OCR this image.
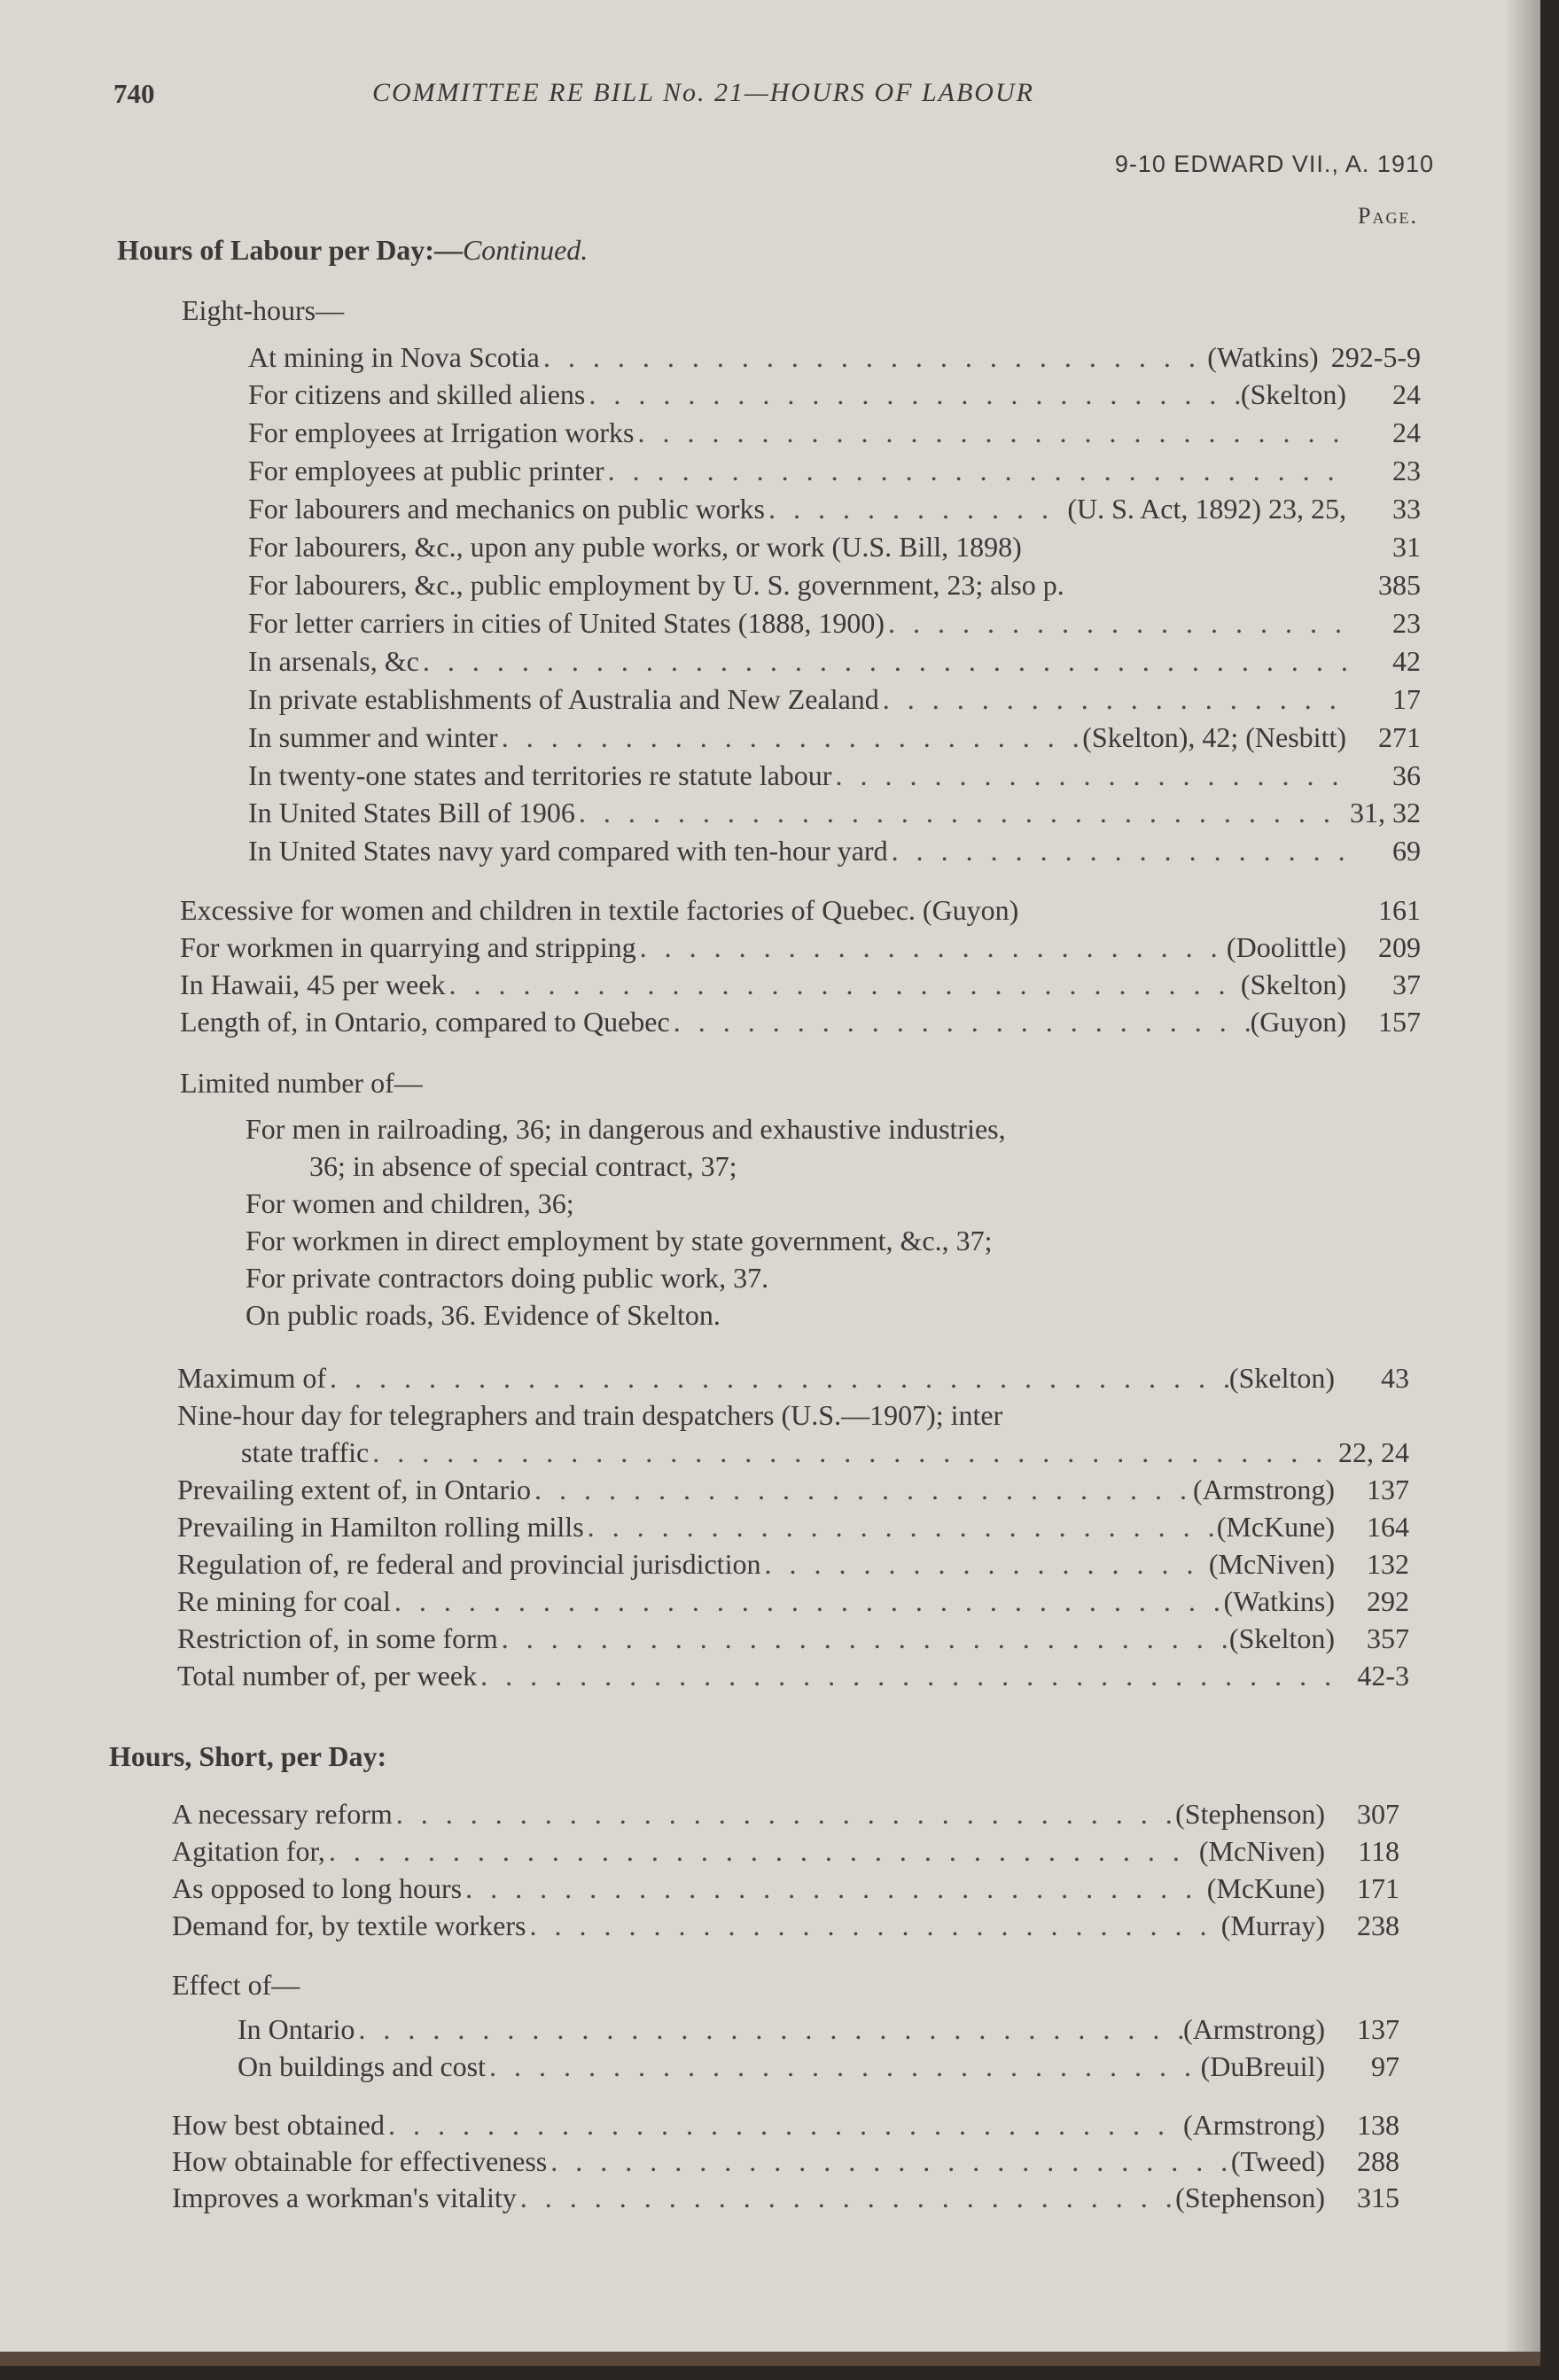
740	COMMITTEE RE BILL No. 21—HOURS OF LABOUR
9-10 EDWARD VII., A. 1910
Page.
Hours of Labour per Day:—Continued.
Eight-hours—
At mining in Nova Scotia . . .	(Watkins) 292-5-9
For citizens and skilled aliens . . .	(Skelton)	24
For employees at Irrigation works . . .	24
For employees at public printer . . .	23
For labourers and mechanics on public works . . .	(U. S. Act, 1892) 23, 25,	33
For labourers, &c., upon any puble works, or work (U.S. Bill, 1898)	31
For labourers, &c., public employment by U. S. government, 23; also p.	385
For letter carriers in cities of United States (1888, 1900) . . .	23
In arsenals, &c . . .	42
In private establishments of Australia and New Zealand . . .	17
In summer and winter . . .	(Skelton), 42; (Nesbitt)	271
In twenty-one states and territories re statute labour . . .	36
In United States Bill of 1906 . . .	31, 32
In United States navy yard compared with ten-hour yard . . .	69
Excessive for women and children in textile factories of Quebec. (Guyon)	161
For workmen in quarrying and stripping . . .	(Doolittle)	209
In Hawaii, 45 per week . . .	(Skelton)	37
Length of, in Ontario, compared to Quebec . . .	(Guyon)	157
Limited number of—
For men in railroading, 36; in dangerous and exhaustive industries,
36; in absence of special contract, 37;
For women and children, 36;
For workmen in direct employment by state government, &c., 37;
For private contractors doing public work, 37.
On public roads, 36. Evidence of Skelton.
Maximum of . . .	(Skelton)	43
Nine-hour day for telegraphers and train despatchers (U.S.—1907); inter
state traffic . . .	22, 24
Prevailing extent of, in Ontario . . .	(Armstrong)	137
Prevailing in Hamilton rolling mills . . .	(McKune)	164
Regulation of, re federal and provincial jurisdiction . . .	(McNiven)	132
Re mining for coal . . .	(Watkins)	292
Restriction of, in some form . . .	(Skelton)	357
Total number of, per week . . .	42-3
Hours, Short, per Day:
A necessary reform . . .	(Stephenson)	307
Agitation for, . . .	(McNiven)	118
As opposed to long hours . . .	(McKune)	171
Demand for, by textile workers . . .	(Murray)	238
Effect of—
In Ontario . . .	(Armstrong)	137
On buildings and cost . . .	(DuBreuil)	97
How best obtained . . .	(Armstrong)	138
How obtainable for effectiveness . . .	(Tweed)	288
Improves a workman's vitality . . .	(Stephenson)	315
